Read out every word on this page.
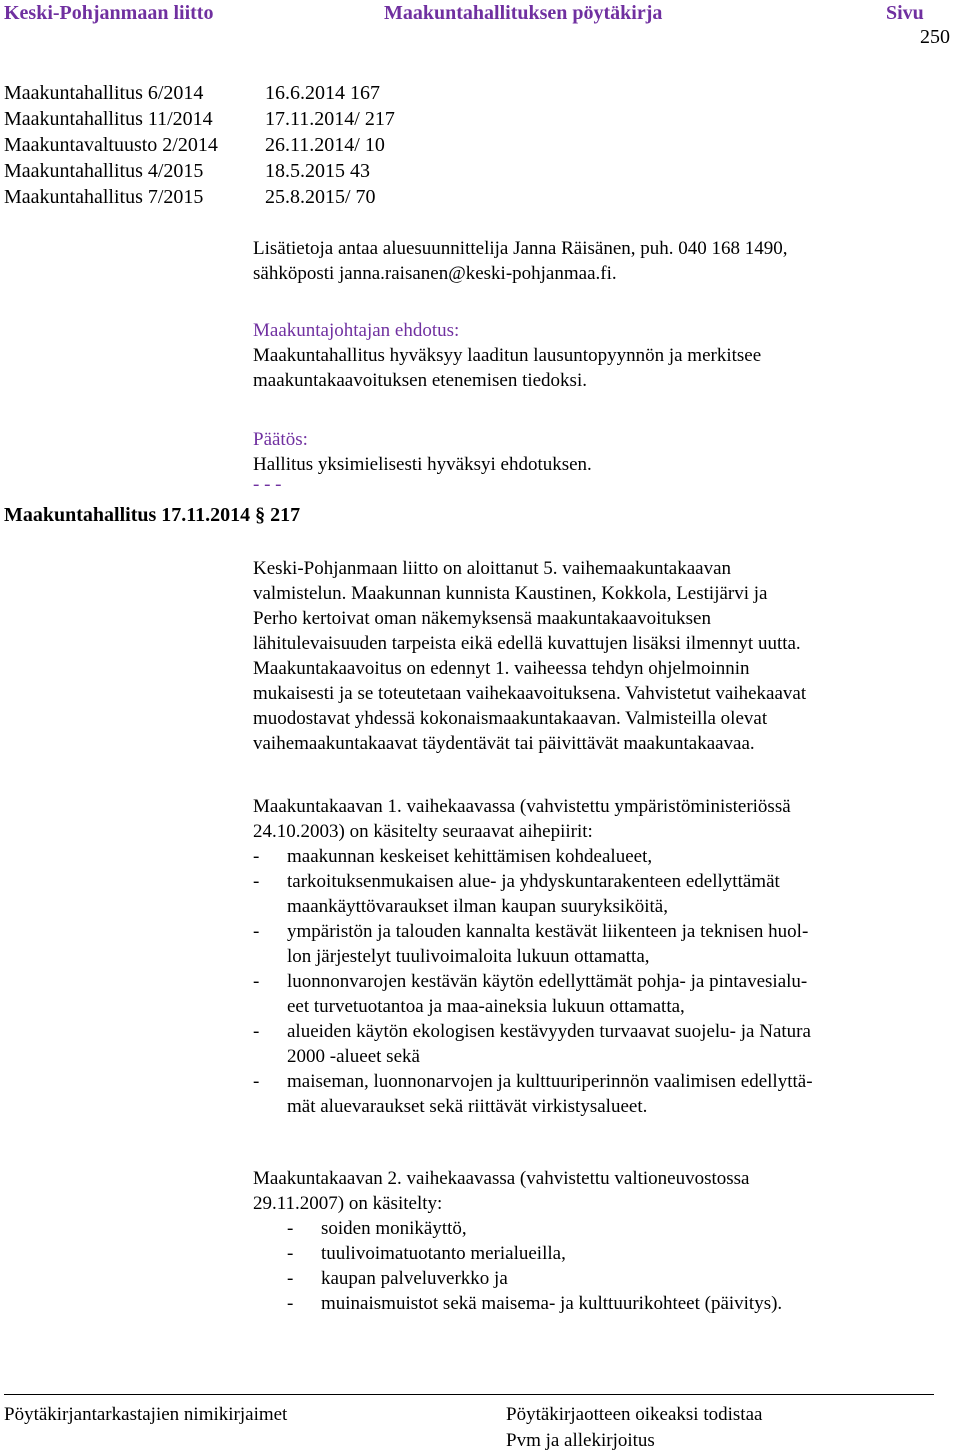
Keski-Pohjanmaan liitto	Maakuntahallituksen pöytäkirja	Sivu
250
Maakuntahallitus 6/2014	16.6.2014 167
Maakuntahallitus 11/2014	17.11.2014/ 217
Maakuntavaltuusto 2/2014 26.11.2014/ 10
Maakuntahallitus 4/2015	18.5.2015 43
Maakuntahallitus 7/2015	25.8.2015/ 70
Lisätietoja antaa aluesuunnittelija Janna Räisänen, puh. 040 168 1490,
sähköposti janna.raisanen@keski-pohjanmaa.fi.
Maakuntajohtajan ehdotus:
Maakuntahallitus hyväksyy laaditun lausuntopyynnön ja merkitsee
maakuntakaavoituksen etenemisen tiedoksi.
Päätös:
Hallitus yksimielisesti hyväksyi ehdotuksen.
- - -
Maakuntahallitus 17.11.2014 § 217
Keski-Pohjanmaan liitto on aloittanut 5. vaihemaakuntakaavan
valmistelun. Maakunnan kunnista Kaustinen, Kokkola, Lestijärvi ja
Perho kertoivat oman näkemyksensä maakuntakaavoituksen
lähitulevaisuuden tarpeista eikä edellä kuvattujen lisäksi ilmennyt uutta.
Maakuntakaavoitus on edennyt 1. vaiheessa tehdyn ohjelmoinnin
mukaisesti ja se toteutetaan vaihekaavoituksena. Vahvistetut vaihekaavat
muodostavat yhdessä kokonaismaakuntakaavan. Valmisteilla olevat
vaihemaakuntakaavat täydentävät tai päivittävät maakuntakaavaa.
Maakuntakaavan 1. vaihekaavassa (vahvistettu ympäristöministeriössä
24.10.2003) on käsitelty seuraavat aihepiirit:
- maakunnan keskeiset kehittämisen kohdealueet,
- tarkoituksenmukaisen alue- ja yhdyskuntarakenteen edellyttämät
maankäyttövaraukset ilman kaupan suuryksiköitä,
- ympäristön ja talouden kannalta kestävät liikenteen ja teknisen huol-
lon järjestelyt tuulivoimaloita lukuun ottamatta,
- luonnonvarojen kestävän käytön edellyttämät pohja- ja pintavesialu-
eet turvetuotantoa ja maa-aineksia lukuun ottamatta,
- alueiden käytön ekologisen kestävyyden turvaavat suojelu- ja Natura
2000 -alueet sekä
- maiseman, luonnonarvojen ja kulttuuriperinnön vaalimisen edellyttä-
mät aluevaraukset sekä riittävät virkistysalueet.
Maakuntakaavan 2. vaihekaavassa (vahvistettu valtioneuvostossa
29.11.2007) on käsitelty:
- soiden monikäyttö,
- tuulivoimatuotanto merialueilla,
- kaupan palveluverkko ja
- muinaismuistot sekä maisema- ja kulttuurikohteet (päivitys).
Pöytäkirjantarkastajien nimikirjaimet	Pöytäkirjaotteen oikeaksi todistaa
Pvm ja allekirjoitus
